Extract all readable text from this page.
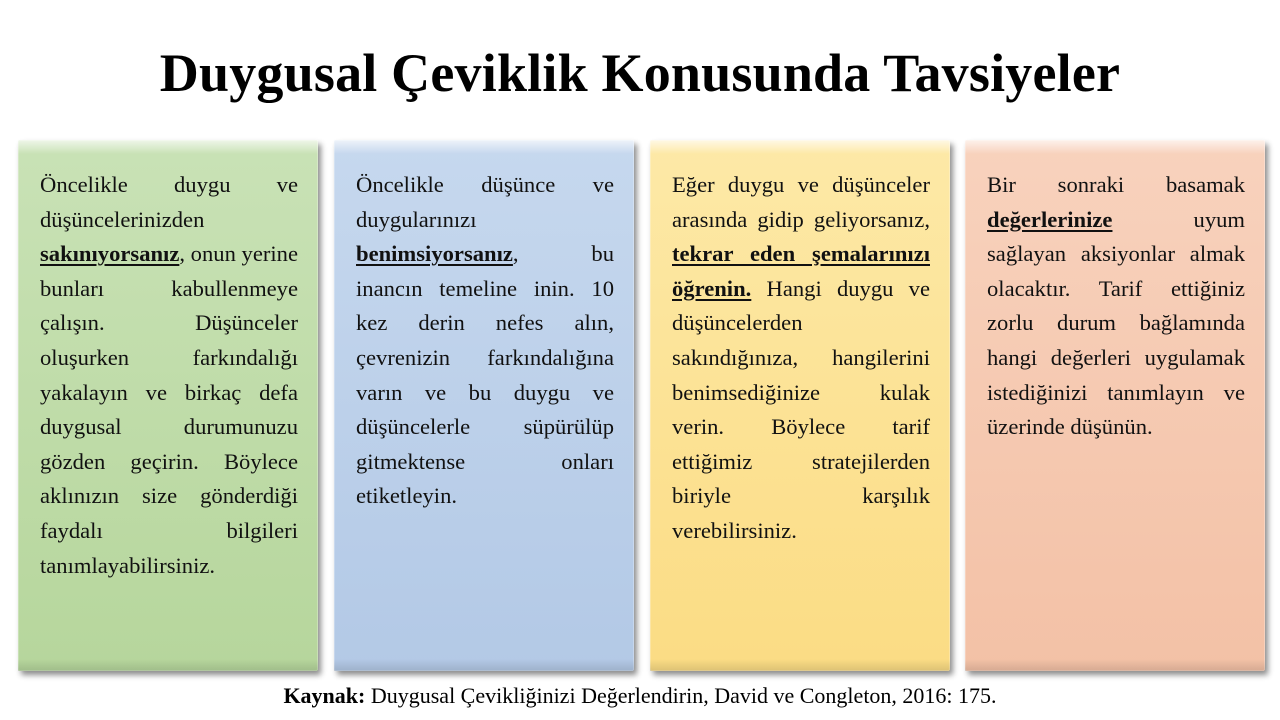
Duygusal Çeviklik Konusunda Tavsiyeler

Öncelikle duygu ve düşüncelerinizden sakınıyorsanız, onun yerine bunları kabullenmeye çalışın. Düşünceler oluşurken farkındalığı yakalayın ve birkaç defa duygusal durumunuzu gözden geçirin. Böylece aklınızın size gönderdiği faydalı bilgileri tanımlayabilirsiniz.

Öncelikle düşünce ve duygularınızı benimsiyorsanız, bu inancın temeline inin. 10 kez derin nefes alın, çevrenizin farkındalığına varın ve bu duygu ve düşüncelerle süpürülüp gitmektense onları etiketleyin.

Eğer duygu ve düşünceler arasında gidip geliyorsanız, tekrar eden şemalarınızı öğrenin. Hangi duygu ve düşüncelerden sakındığınıza, hangilerini benimsediğinize kulak verin. Böylece tarif ettiğimiz stratejilerden biriyle karşılık verebilirsiniz.

Bir sonraki basamak değerlerinize uyum sağlayan aksiyonlar almak olacaktır. Tarif ettiğiniz zorlu durum bağlamında hangi değerleri uygulamak istediğinizi tanımlayın ve üzerinde düşünün.

Kaynak: Duygusal Çevikliğinizi Değerlendirin, David ve Congleton, 2016: 175.
